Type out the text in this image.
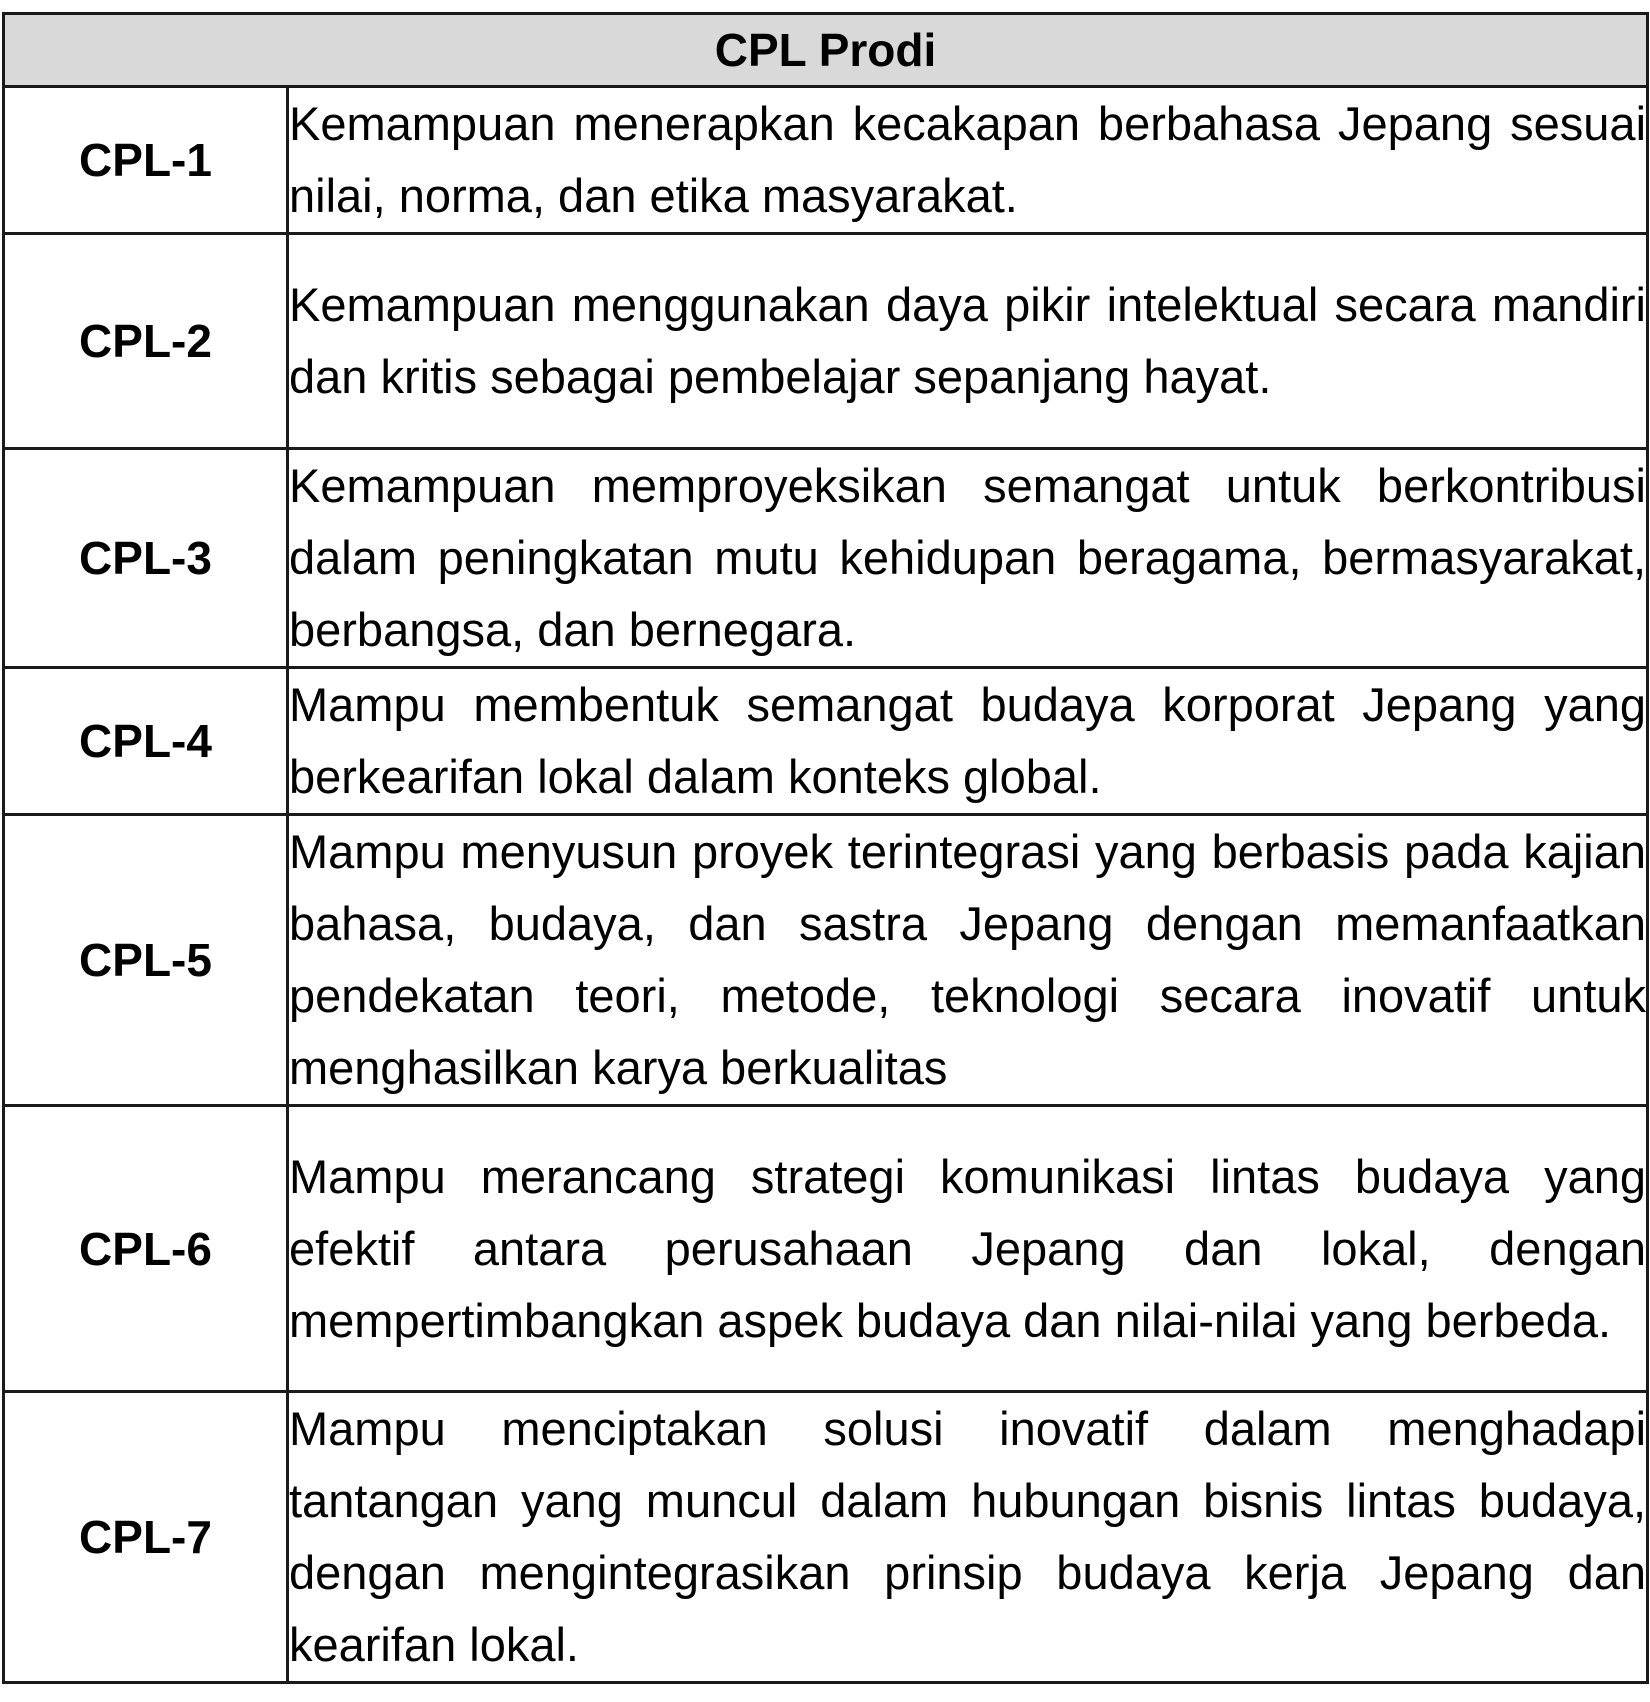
CPL Prodi	
CPL-1	Kemampuan menerapkan kecakapan berbahasa Jepang sesuai nilai, norma, dan etika masyarakat.
CPL-2	Kemampuan menggunakan daya pikir intelektual secara mandiri dan kritis sebagai pembelajar sepanjang hayat.
CPL-3	Kemampuan memproyeksikan semangat untuk berkontribusi dalam peningkatan mutu kehidupan beragama, bermasyarakat, berbangsa, dan bernegara.
CPL-4	Mampu membentuk semangat budaya korporat Jepang yang berkearifan lokal dalam konteks global.
CPL-5	Mampu menyusun proyek terintegrasi yang berbasis pada kajian bahasa, budaya, dan sastra Jepang dengan memanfaatkan pendekatan teori, metode, teknologi secara inovatif untuk menghasilkan karya berkualitas
CPL-6	Mampu merancang strategi komunikasi lintas budaya yang efektif antara perusahaan Jepang dan lokal, dengan mempertimbangkan aspek budaya dan nilai-nilai yang berbeda.
CPL-7	Mampu menciptakan solusi inovatif dalam menghadapi tantangan yang muncul dalam hubungan bisnis lintas budaya, dengan mengintegrasikan prinsip budaya kerja Jepang dan kearifan lokal.
